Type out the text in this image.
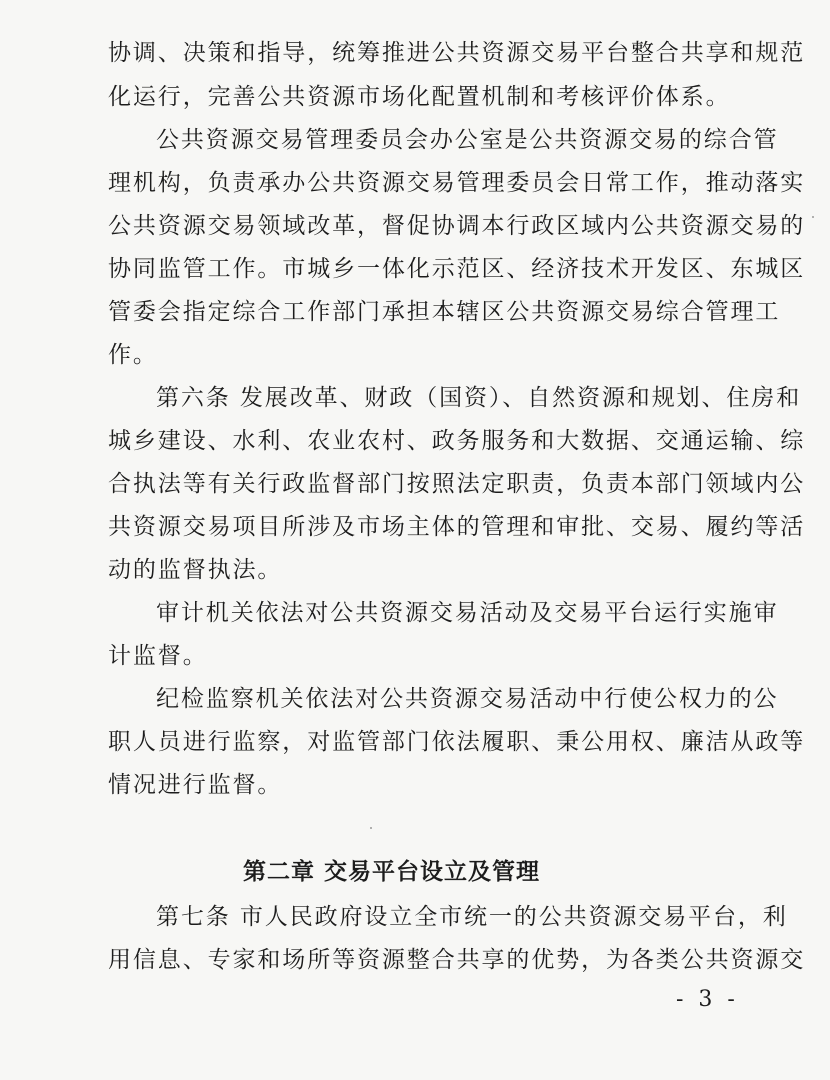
协调、决策和指导，统筹推进公共资源交易平台整合共享和规范
化运行，完善公共资源市场化配置机制和考核评价体系。
公共资源交易管理委员会办公室是公共资源交易的综合管
理机构，负责承办公共资源交易管理委员会日常工作，推动落实
公共资源交易领域改革，督促协调本行政区域内公共资源交易的
协同监管工作。市城乡一体化示范区、经济技术开发区、东城区
管委会指定综合工作部门承担本辖区公共资源交易综合管理工
作。
第六条 发展改革、财政（国资）、自然资源和规划、住房和
城乡建设、水利、农业农村、政务服务和大数据、交通运输、综
合执法等有关行政监督部门按照法定职责，负责本部门领域内公
共资源交易项目所涉及市场主体的管理和审批、交易、履约等活
动的监督执法。
审计机关依法对公共资源交易活动及交易平台运行实施审
计监督。
纪检监察机关依法对公共资源交易活动中行使公权力的公
职人员进行监察，对监管部门依法履职、秉公用权、廉洁从政等
情况进行监督。
第二章 交易平台设立及管理
第七条 市人民政府设立全市统一的公共资源交易平台，利
用信息、专家和场所等资源整合共享的优势，为各类公共资源交
- 3 -
